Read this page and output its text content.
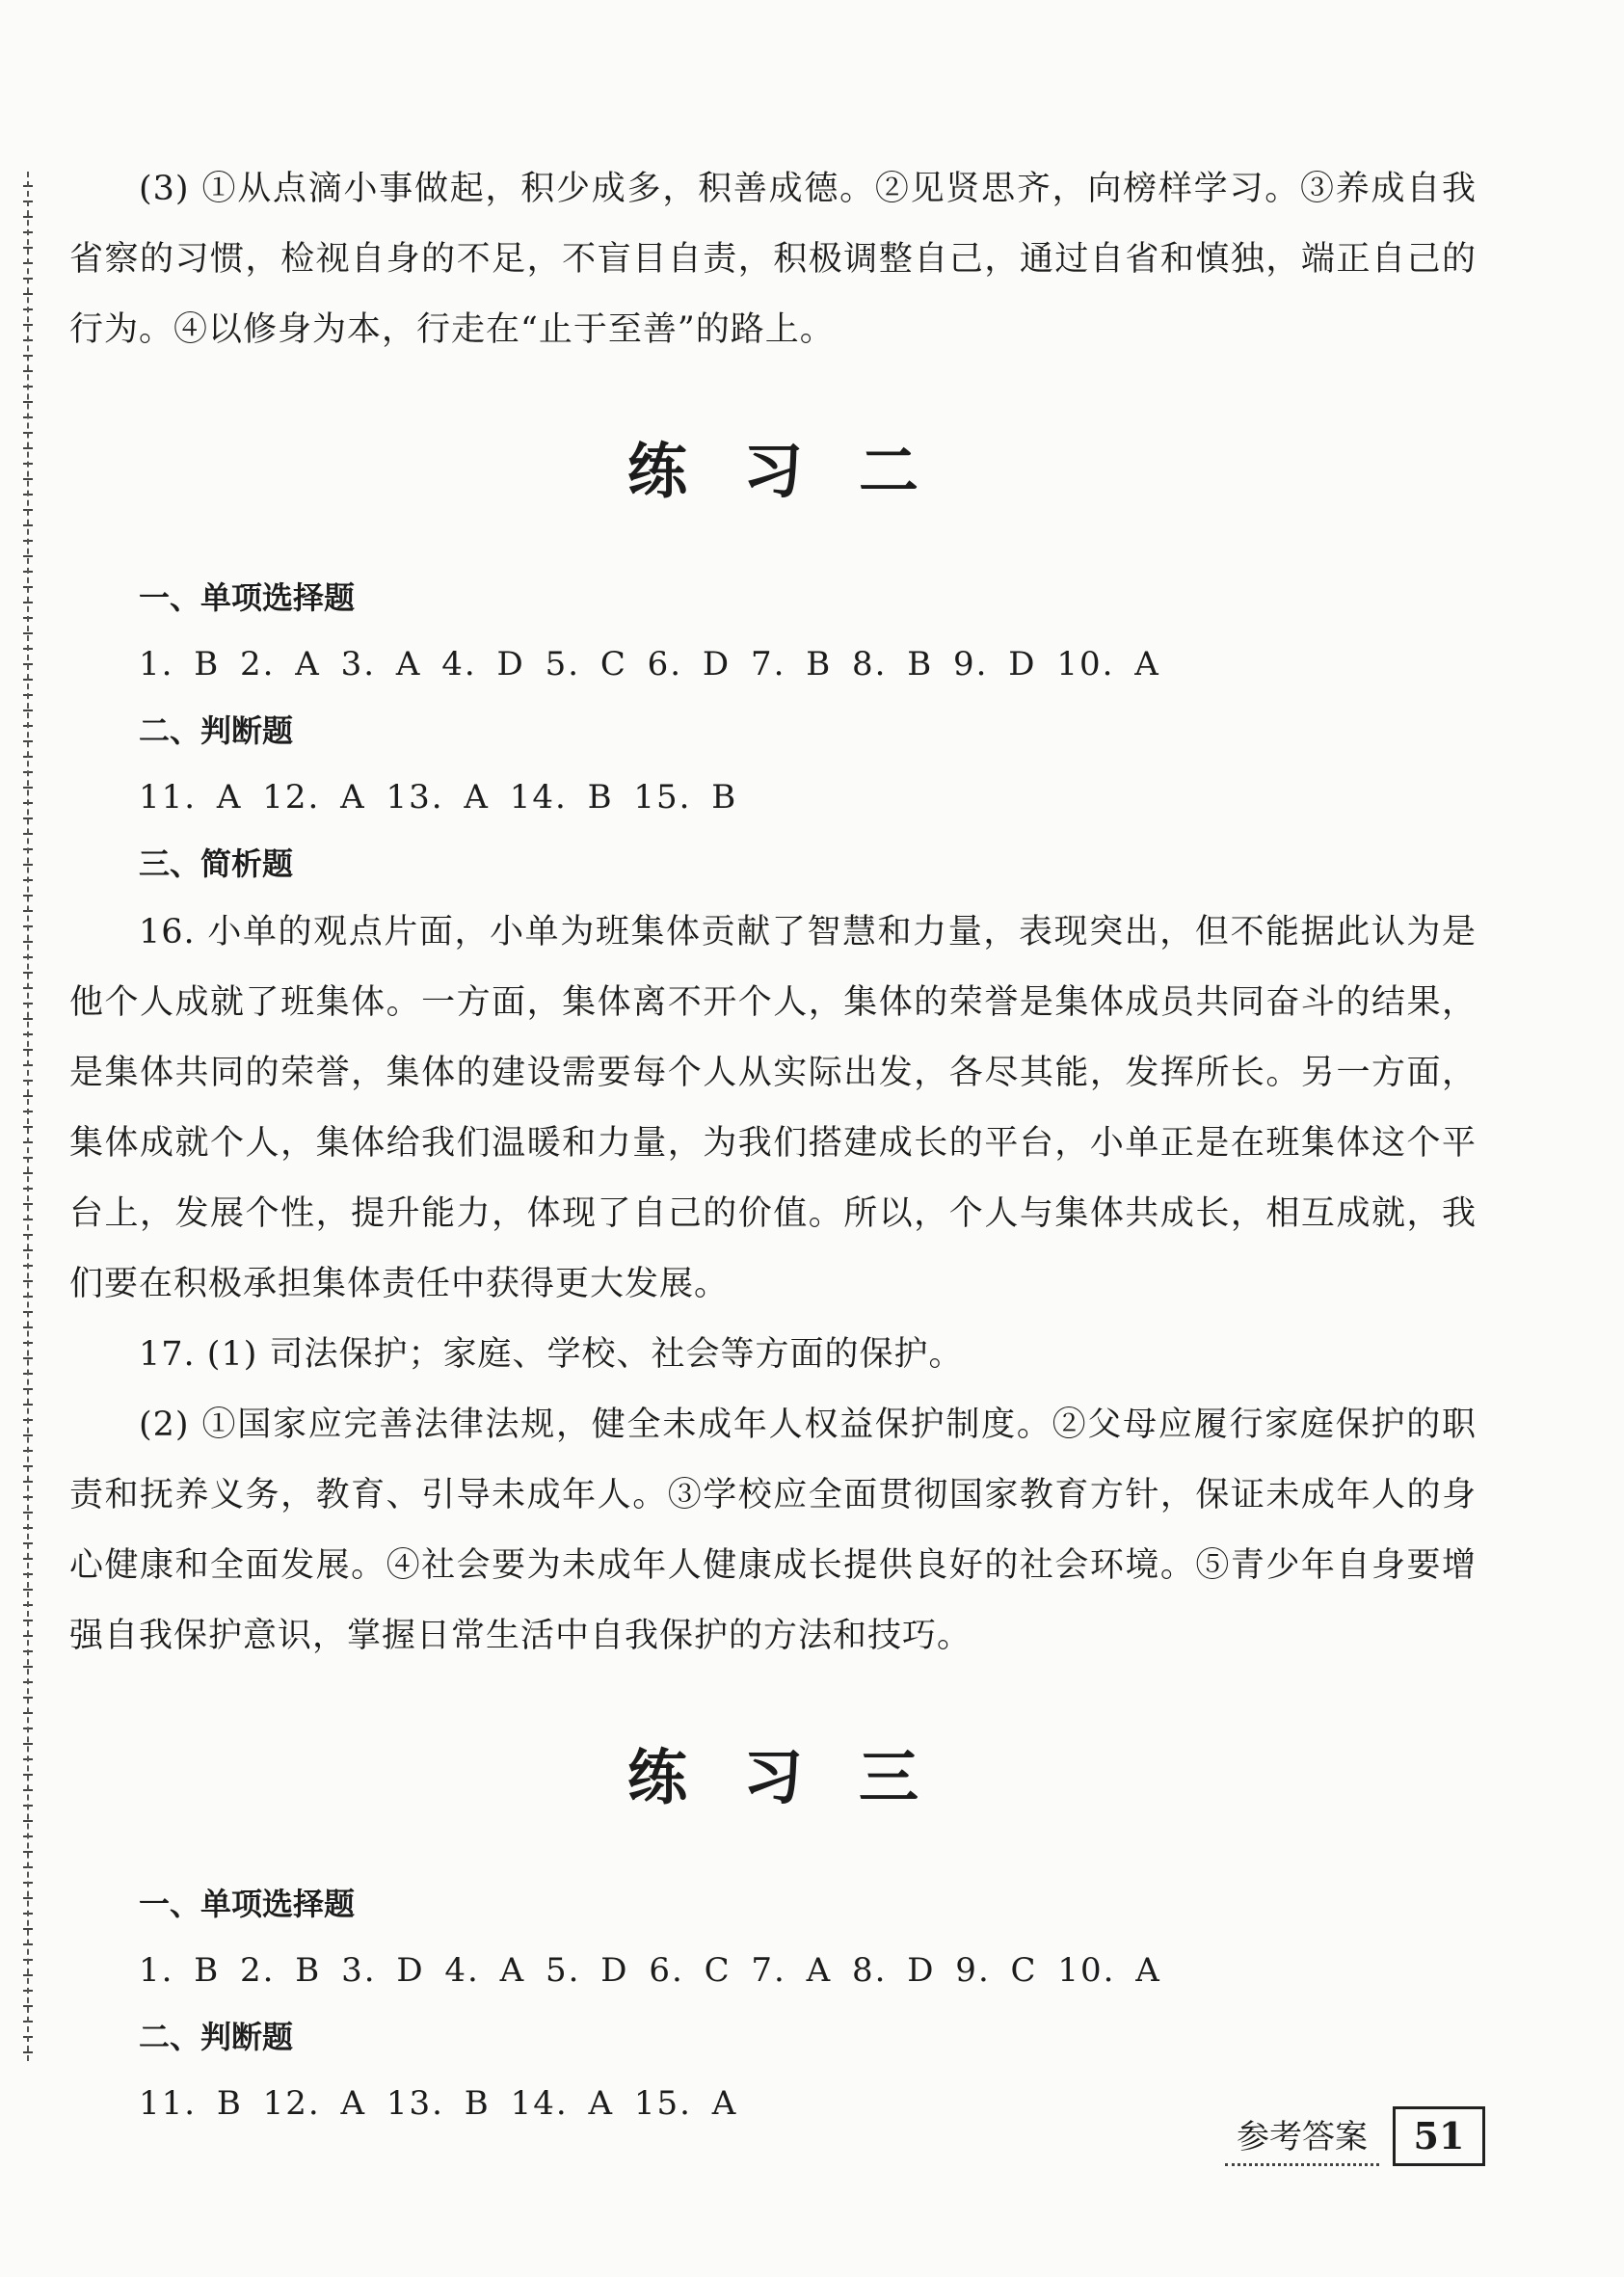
(3) ①从点滴小事做起，积少成多，积善成德。②见贤思齐，向榜样学习。③养成自我省察的习惯，检视自身的不足，不盲目自责，积极调整自己，通过自省和慎独，端正自己的行为。④以修身为本，行走在“止于至善”的路上。

练习二
一、单项选择题
1. B 2. A 3. A 4. D 5. C 6. D 7. B 8. B 9. D 10. A
二、判断题
11. A 12. A 13. A 14. B 15. B
三、简析题

16. 小单的观点片面，小单为班集体贡献了智慧和力量，表现突出，但不能据此认为是他个人成就了班集体。一方面，集体离不开个人，集体的荣誉是集体成员共同奋斗的结果，是集体共同的荣誉，集体的建设需要每个人从实际出发，各尽其能，发挥所长。另一方面，集体成就个人，集体给我们温暖和力量，为我们搭建成长的平台，小单正是在班集体这个平台上，发展个性，提升能力，体现了自己的价值。所以，个人与集体共成长，相互成就，我们要在积极承担集体责任中获得更大发展。

17. (1) 司法保护；家庭、学校、社会等方面的保护。

(2) ①国家应完善法律法规，健全未成年人权益保护制度。②父母应履行家庭保护的职责和抚养义务，教育、引导未成年人。③学校应全面贯彻国家教育方针，保证未成年人的身心健康和全面发展。④社会要为未成年人健康成长提供良好的社会环境。⑤青少年自身要增强自我保护意识，掌握日常生活中自我保护的方法和技巧。

练习三
一、单项选择题
1. B 2. B 3. D 4. A 5. D 6. C 7. A 8. D 9. C 10. A
二、判断题
11. B 12. A 13. B 14. A 15. A
参考答案	51
